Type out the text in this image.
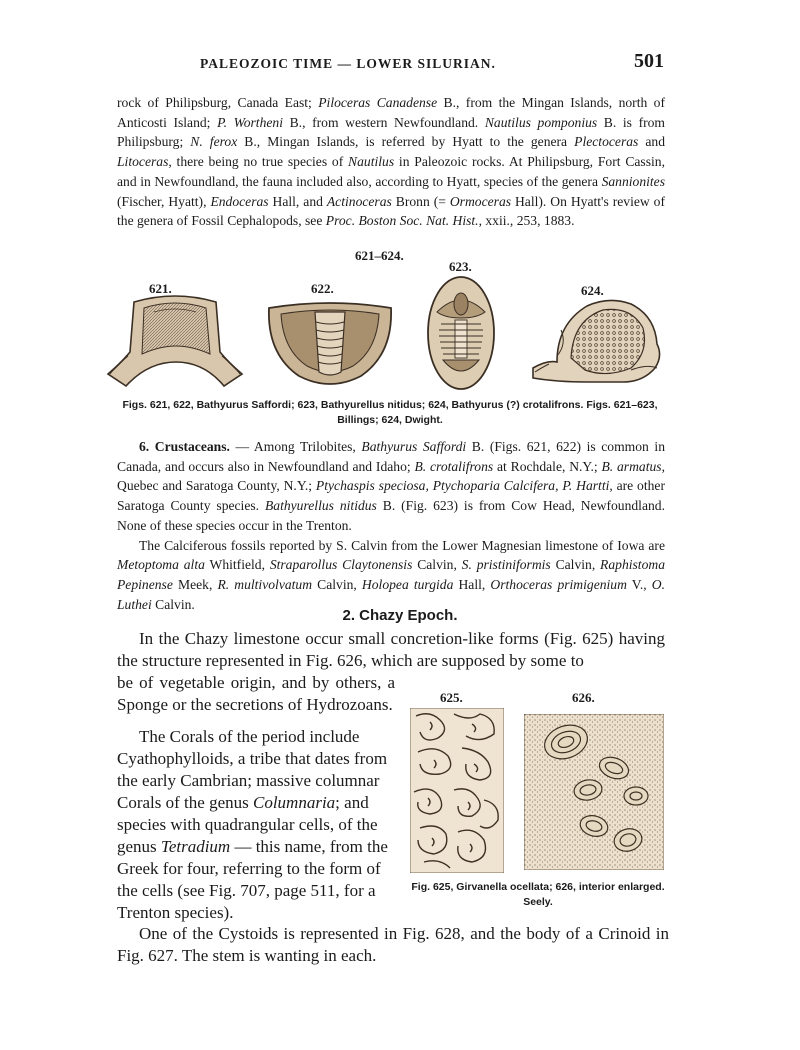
PALEOZOIC TIME — LOWER SILURIAN.	501

rock of Philipsburg, Canada East; Piloceras Canadense B., from the Mingan Islands, north of Anticosti Island; P. Wortheni B., from western Newfoundland. Nautilus pomponius B. is from Philipsburg; N. ferox B., Mingan Islands, is referred by Hyatt to the genera Plectoceras and Litoceras, there being no true species of Nautilus in Paleozoic rocks. At Philipsburg, Fort Cassin, and in Newfoundland, the fauna included also, according to Hyatt, species of the genera Sannionites (Fischer, Hyatt), Endoceras Hall, and Actinoceras Bronn (= Ormoceras Hall). On Hyatt's review of the genera of Fossil Cephalopods, see Proc. Boston Soc. Nat. Hist., xxii., 253, 1883.

621–624.
621.	622.
623.
624.
Figs. 621, 622, Bathyurus Saffordi; 623, Bathyurellus nitidus; 624, Bathyurus (?) crotalifrons. Figs. 621–623,
Billings; 624, Dwight.

6. Crustaceans. — Among Trilobites, Bathyurus Saffordi B. (Figs. 621, 622) is common in Canada, and occurs also in Newfoundland and Idaho; B. crotalifrons at Rochdale, N.Y.; B. armatus, Quebec and Saratoga County, N.Y.; Ptychaspis speciosa, Ptychoparia Calcifera, P. Hartti, are other Saratoga County species. Bathyurellus nitidus B. (Fig. 623) is from Cow Head, Newfoundland. None of these species occur in the Trenton.

The Calciferous fossils reported by S. Calvin from the Lower Magnesian limestone of Iowa are Metoptoma alta Whitfield, Straparollus Claytonensis Calvin, S. pristiniformis Calvin, Raphistoma Pepinense Meek, R. multivolvatum Calvin, Holopea turgida Hall, Orthoceras primigenium V., O. Luthei Calvin.

2. Chazy Epoch.

In the Chazy limestone occur small concretion-like forms (Fig. 625) having the structure represented in Fig. 626, which are supposed by some to

be of vegetable origin, and by others, a Sponge or the secretions of Hydrozoans.

The Corals of the period include Cyathophylloids, a tribe that dates from the early Cambrian; massive columnar Corals of the genus Columnaria; and species with quadrangular cells, of the genus Tetradium — this name, from the Greek for four, referring to the form of the cells (see Fig. 707, page 511, for a Trenton species).

625.	626.
Fig. 625, Girvanella ocellata; 626, interior enlarged.
Seely.

One of the Cystoids is represented in Fig. 628, and the body of a Crinoid in Fig. 627. The stem is wanting in each.
